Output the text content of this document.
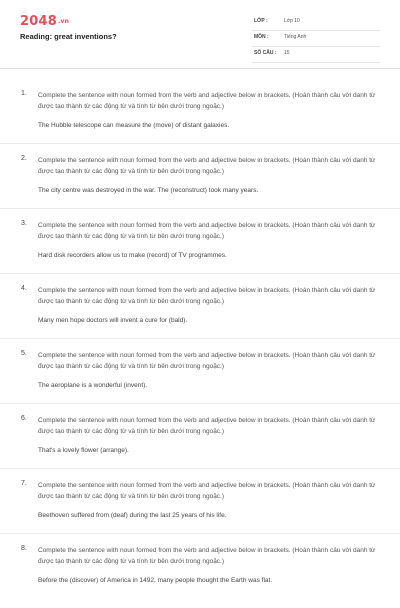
$2048^{.vn}$
Reading: great inventions?
LỚP :	Lớp 10
MÔN :	Tiếng Anh
SỐ CÂU : 15
1. Complete the sentence with noun formed from the verb and adjective below in brackets. (Hoàn thành câu với danh từ được tạo thành từ các động từ và tính từ bên dưới trong ngoặc.)
The Hubble telescope can measure the (move) of distant galaxies.
2. Complete the sentence with noun formed from the verb and adjective below in brackets. (Hoàn thành câu với danh từ được tạo thành từ các động từ và tính từ bên dưới trong ngoặc.)
The city centre was destroyed in the war. The (reconstruct) took many years.
3. Complete the sentence with noun formed from the verb and adjective below in brackets. (Hoàn thành câu với danh từ được tạo thành từ các động từ và tính từ bên dưới trong ngoặc.)
Hard disk recorders allow us to make (record) of TV programmes.
4. Complete the sentence with noun formed from the verb and adjective below in brackets. (Hoàn thành câu với danh từ được tạo thành từ các động từ và tính từ bên dưới trong ngoặc.)
Many men hope doctors will invent a cure for (bald).
5. Complete the sentence with noun formed from the verb and adjective below in brackets. (Hoàn thành câu với danh từ được tạo thành từ các động từ và tính từ bên dưới trong ngoặc.)
The aeroplane is a wonderful (invent).
6. Complete the sentence with noun formed from the verb and adjective below in brackets. (Hoàn thành câu với danh từ được tạo thành từ các động từ và tính từ bên dưới trong ngoặc.)
That's a lovely flower (arrange).
7. Complete the sentence with noun formed from the verb and adjective below in brackets. (Hoàn thành câu với danh từ được tạo thành từ các động từ và tính từ bên dưới trong ngoặc.)
Beethoven suffered from (deaf) during the last 25 years of his life.
8. Complete the sentence with noun formed from the verb and adjective below in brackets. (Hoàn thành câu với danh từ được tạo thành từ các động từ và tính từ bên dưới trong ngoặc.)
Before the (discover) of America in 1492, many people thought the Earth was flat.
